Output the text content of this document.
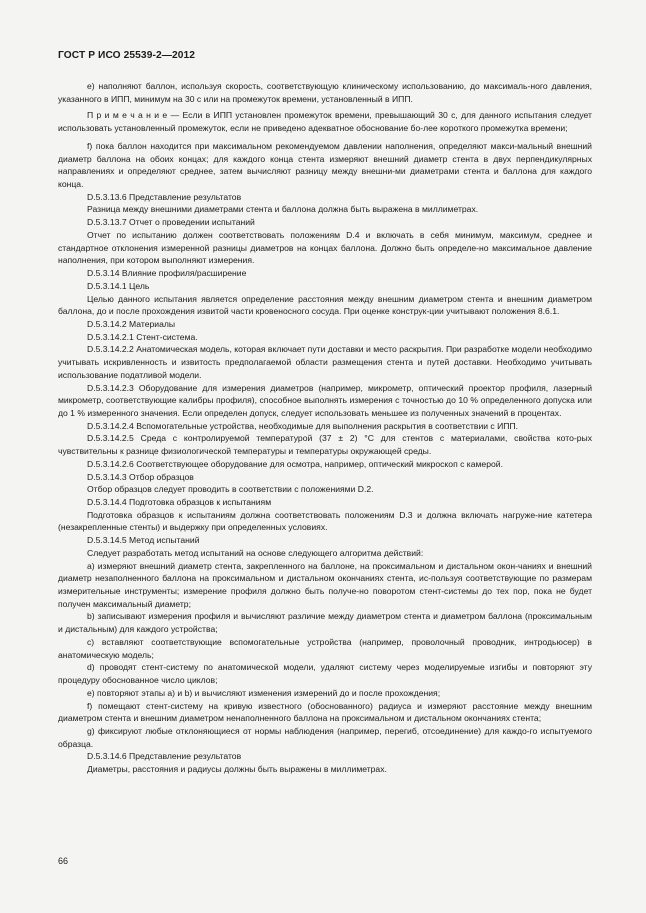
ГОСТ Р ИСО 25539-2—2012

e) наполняют баллон, используя скорость, соответствующую клиническому использованию, до максималь-ного давления, указанного в ИПП, минимум на 30 с или на промежуток времени, установленный в ИПП.

П р и м е ч а н и е — Если в ИПП установлен промежуток времени, превышающий 30 с, для данного испытания следует использовать установленный промежуток, если не приведено адекватное обоснование бо-лее короткого промежутка времени;

f) пока баллон находится при максимальном рекомендуемом давлении наполнения, определяют макси-мальный внешний диаметр баллона на обоих концах; для каждого конца стента измеряют внешний диаметр стента в двух перпендикулярных направлениях и определяют среднее, затем вычисляют разницу между внешни-ми диаметрами стента и баллона для каждого конца.

D.5.3.13.6 Представление результатов

Разница между внешними диаметрами стента и баллона должна быть выражена в миллиметрах.

D.5.3.13.7 Отчет о проведении испытаний

Отчет по испытанию должен соответствовать положениям D.4 и включать в себя минимум, максимум, среднее и стандартное отклонения измеренной разницы диаметров на концах баллона. Должно быть определе-но максимальное давление наполнения, при котором выполняют измерения.

D.5.3.14 Влияние профиля/расширение

D.5.3.14.1 Цель

Целью данного испытания является определение расстояния между внешним диаметром стента и внешним диаметром баллона, до и после прохождения извитой части кровеносного сосуда. При оценке конструк-ции учитывают положения 8.6.1.

D.5.3.14.2 Материалы

D.5.3.14.2.1 Стент-система.

D.5.3.14.2.2 Анатомическая модель, которая включает пути доставки и место раскрытия. При разработке модели необходимо учитывать искривленность и извитость предполагаемой области размещения стента и путей доставки. Необходимо учитывать использование податливой модели.

D.5.3.14.2.3 Оборудование для измерения диаметров (например, микрометр, оптический проектор профиля, лазерный микрометр, соответствующие калибры профиля), способное выполнять измерения с точностью до 10 % определенного допуска или до 1 % измеренного значения. Если определен допуск, следует использовать меньшее из полученных значений в процентах.

D.5.3.14.2.4 Вспомогательные устройства, необходимые для выполнения раскрытия в соответствии с ИПП.

D.5.3.14.2.5 Среда с контролируемой температурой (37 ± 2) °С для стентов с материалами, свойства кото-рых чувствительны к разнице физиологической температуры и температуры окружающей среды.

D.5.3.14.2.6 Соответствующее оборудование для осмотра, например, оптический микроскоп с камерой.

D.5.3.14.3 Отбор образцов

Отбор образцов следует проводить в соответствии с положениями D.2.

D.5.3.14.4 Подготовка образцов к испытаниям

Подготовка образцов к испытаниям должна соответствовать положениям D.3 и должна включать нагруже-ние катетера (незакрепленные стенты) и выдержку при определенных условиях.

D.5.3.14.5 Метод испытаний

Следует разработать метод испытаний на основе следующего алгоритма действий:

a) измеряют внешний диаметр стента, закрепленного на баллоне, на проксимальном и дистальном окон-чаниях и внешний диаметр незаполненного баллона на проксимальном и дистальном окончаниях стента, ис-пользуя соответствующие по размерам измерительные инструменты; измерение профиля должно быть получе-но поворотом стент-системы до тех пор, пока не будет получен максимальный диаметр;

b) записывают измерения профиля и вычисляют различие между диаметром стента и диаметром баллона (проксимальным и дистальным) для каждого устройства;

c) вставляют соответствующие вспомогательные устройства (например, проволочный проводник, интродьюсер) в анатомическую модель;

d) проводят стент-систему по анатомической модели, удаляют систему через моделируемые изгибы и повторяют эту процедуру обоснованное число циклов;

e) повторяют этапы a) и b) и вычисляют изменения измерений до и после прохождения;

f) помещают стент-систему на кривую известного (обоснованного) радиуса и измеряют расстояние между внешним диаметром стента и внешним диаметром ненаполненного баллона на проксимальном и дистальном окончаниях стента;

g) фиксируют любые отклоняющиеся от нормы наблюдения (например, перегиб, отсоединение) для каждо-го испытуемого образца.

D.5.3.14.6 Представление результатов

Диаметры, расстояния и радиусы должны быть выражены в миллиметрах.

66
